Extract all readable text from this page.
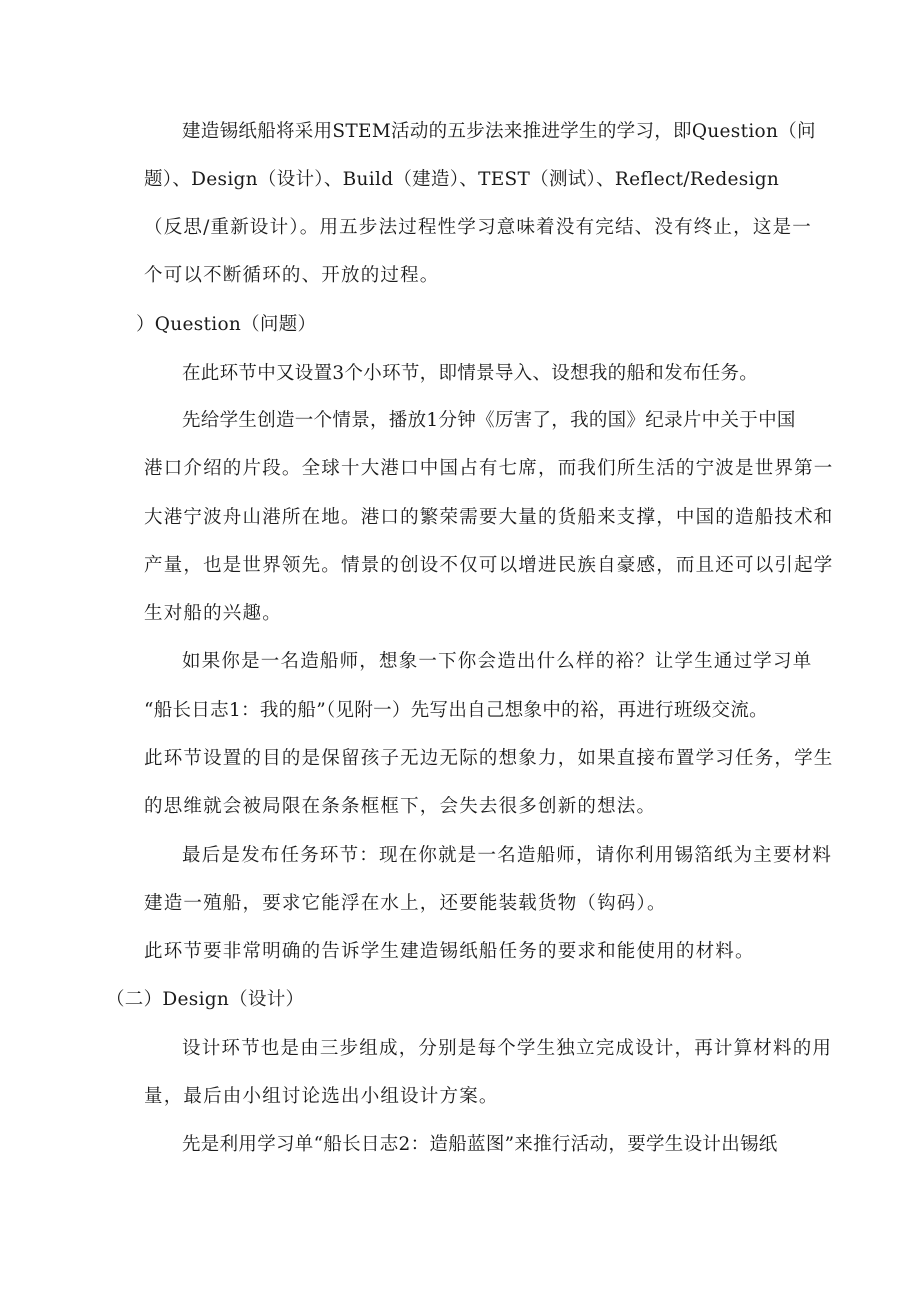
建造锡纸船将采用STEM活动的五步法来推进学生的学习，即Question（问
题）、Design（设计）、Build（建造）、TEST（测试）、Reflect/Redesign
（反思/重新设计）。用五步法过程性学习意味着没有完结、没有终止，这是一
个可以不断循环的、开放的过程。
）Question（问题）
在此环节中又设置3个小环节，即情景导入、设想我的船和发布任务。
先给学生创造一个情景，播放1分钟《厉害了，我的国》纪录片中关于中国
港口介绍的片段。全球十大港口中国占有七席，而我们所生活的宁波是世界第一
大港宁波舟山港所在地。港口的繁荣需要大量的货船来支撑，中国的造船技术和
产量，也是世界领先。情景的创设不仅可以增进民族自豪感，而且还可以引起学
生对船的兴趣。
如果你是一名造船师，想象一下你会造出什么样的裕？让学生通过学习单
“船长日志1：我的船”（见附一）先写出自己想象中的裕，再进行班级交流。
此环节设置的目的是保留孩子无边无际的想象力，如果直接布置学习任务，学生
的思维就会被局限在条条框框下，会失去很多创新的想法。
最后是发布任务环节：现在你就是一名造船师，请你利用锡箔纸为主要材料
建造一殖船，要求它能浮在水上，还要能装载货物（钩码）。
此环节要非常明确的告诉学生建造锡纸船任务的要求和能使用的材料。
（二）Design（设计）
设计环节也是由三步组成，分别是每个学生独立完成设计，再计算材料的用
量，最后由小组讨论选出小组设计方案。
先是利用学习单“船长日志2：造船蓝图”来推行活动，要学生设计出锡纸
